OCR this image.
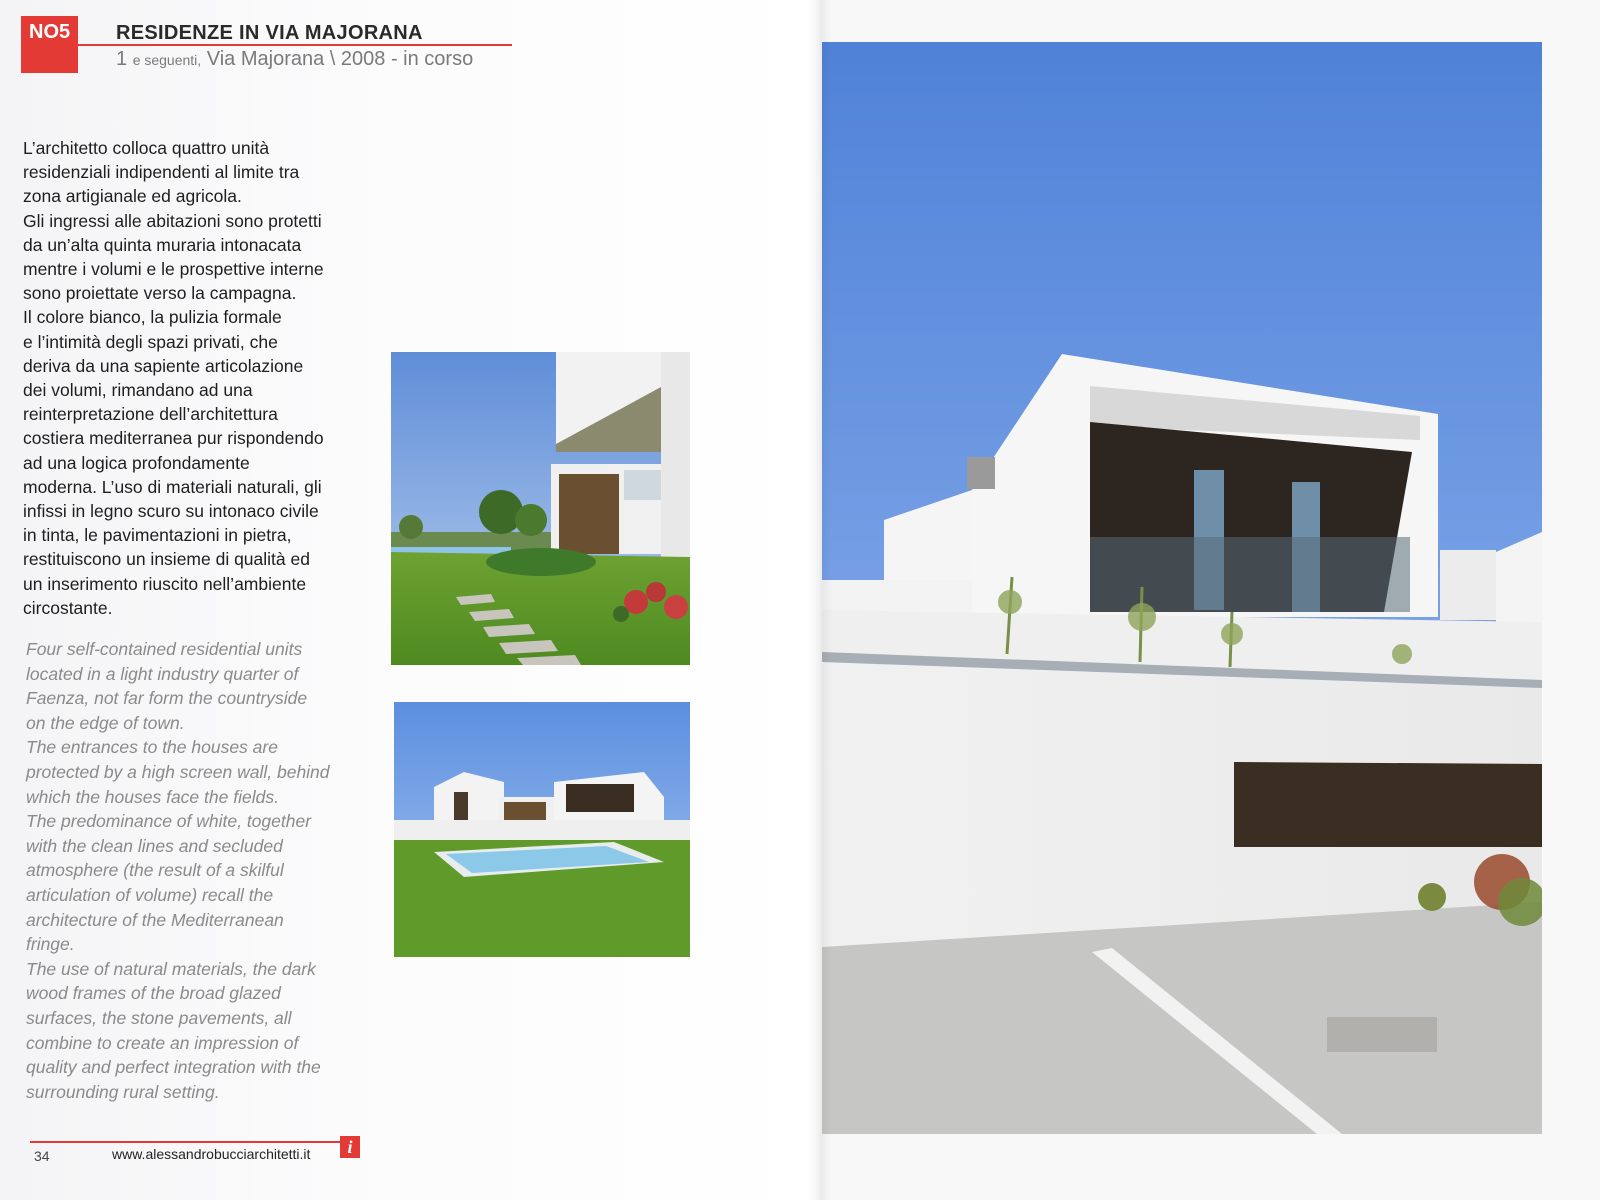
NO5 RESIDENZE IN VIA MAJORANA
1 e seguenti, Via Majorana \ 2008 - in corso

L’architetto colloca quattro unità

residenziali indipendenti al limite tra

zona artigianale ed agricola.

Gli ingressi alle abitazioni sono protetti

da un’alta quinta muraria intonacata

mentre i volumi e le prospettive interne

sono proiettate verso la campagna.

Il colore bianco, la pulizia formale

e l’intimità degli spazi privati, che

deriva da una sapiente articolazione

dei volumi, rimandano ad una

reinterpretazione dell’architettura

costiera mediterranea pur rispondendo

ad una logica profondamente

moderna. L’uso di materiali naturali, gli

infissi in legno scuro su intonaco civile

in tinta, le pavimentazioni in pietra,

restituiscono un insieme di qualità ed

un inserimento riuscito nell’ambiente

circostante.

Four self-contained residential units

located in a light industry quarter of

Faenza, not far form the countryside

on the edge of town.

The entrances to the houses are

protected by a high screen wall, behind

which the houses face the fields.

The predominance of white, together

with the clean lines and secluded

atmosphere (the result of a skilful

articulation of volume) recall the

architecture of the Mediterranean

fringe.

The use of natural materials, the dark

wood frames of the broad glazed

surfaces, the stone pavements, all

combine to create an impression of

quality and perfect integration with the

surrounding rural setting.

34	www.alessandrobucciarchitetti.it	i
